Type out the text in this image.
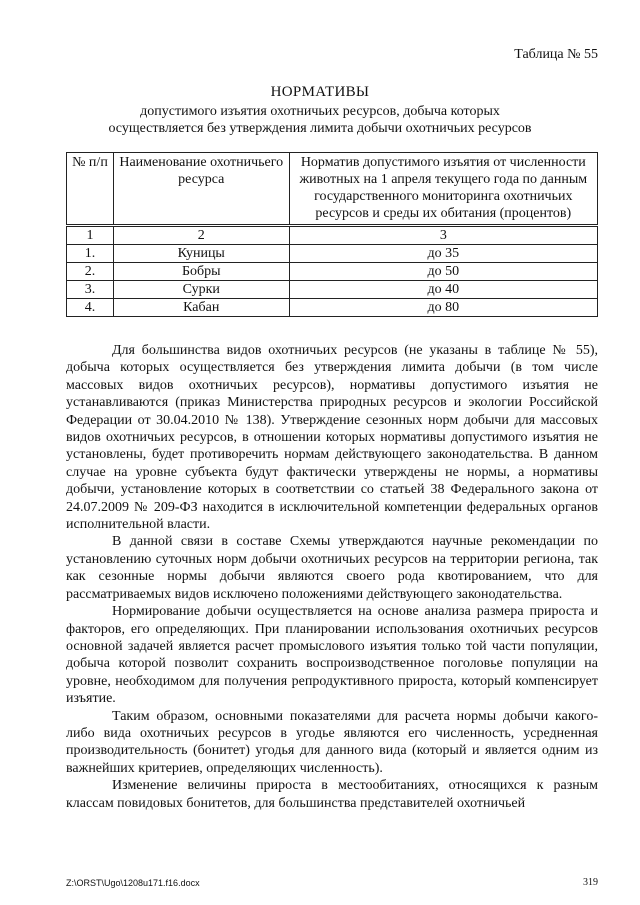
Таблица № 55
НОРМАТИВЫ
допустимого изъятия охотничьих ресурсов, добыча которых
осуществляется без утверждения лимита добычи охотничьих ресурсов
№ п/п	Наименование охотничьего ресурса	Норматив допустимого изъятия от численности животных на 1 апреля текущего года по данным государственного мониторинга охотничьих ресурсов и среды их обитания (процентов)
1	2	3
1.	Куницы	до 35
2.	Бобры	до 50
3.	Сурки	до 40
4.	Кабан	до 80

Для большинства видов охотничьих ресурсов (не указаны в таблице № 55), добыча которых осуществляется без утверждения лимита добычи (в том числе массовых видов охотничьих ресурсов), нормативы допустимого изъятия не устанавливаются (приказ Министерства природных ресурсов и экологии Российской Федерации от 30.04.2010 № 138). Утверждение сезонных норм добычи для массовых видов охотничьих ресурсов, в отношении которых нормативы допустимого изъятия не установлены, будет противоречить нормам действующего законодательства. В данном случае на уровне субъекта будут фактически утверждены не нормы, а нормативы добычи, установление которых в соответствии со статьей 38 Федерального закона от 24.07.2009 № 209-ФЗ находится в исключительной компетенции федеральных органов исполнительной власти.

В данной связи в составе Схемы утверждаются научные рекомендации по установлению суточных норм добычи охотничьих ресурсов на территории региона, так как сезонные нормы добычи являются своего рода квотированием, что для рассматриваемых видов исключено положениями действующего законодательства.

Нормирование добычи осуществляется на основе анализа размера прироста и факторов, его определяющих. При планировании использования охотничьих ресурсов основной задачей является расчет промыслового изъятия только той части популяции, добыча которой позволит сохранить воспроизводственное поголовье популяции на уровне, необходимом для получения репродуктивного прироста, который компенсирует изъятие.

Таким образом, основными показателями для расчета нормы добычи какого-либо вида охотничьих ресурсов в угодье являются его численность, усредненная производительность (бонитет) угодья для данного вида (который и является одним из важнейших критериев, определяющих численность).

Изменение величины прироста в местообитаниях, относящихся к разным классам повидовых бонитетов, для большинства представителей охотничьей

Z:\ORST\Ugo\1208u171.f16.docx	319
